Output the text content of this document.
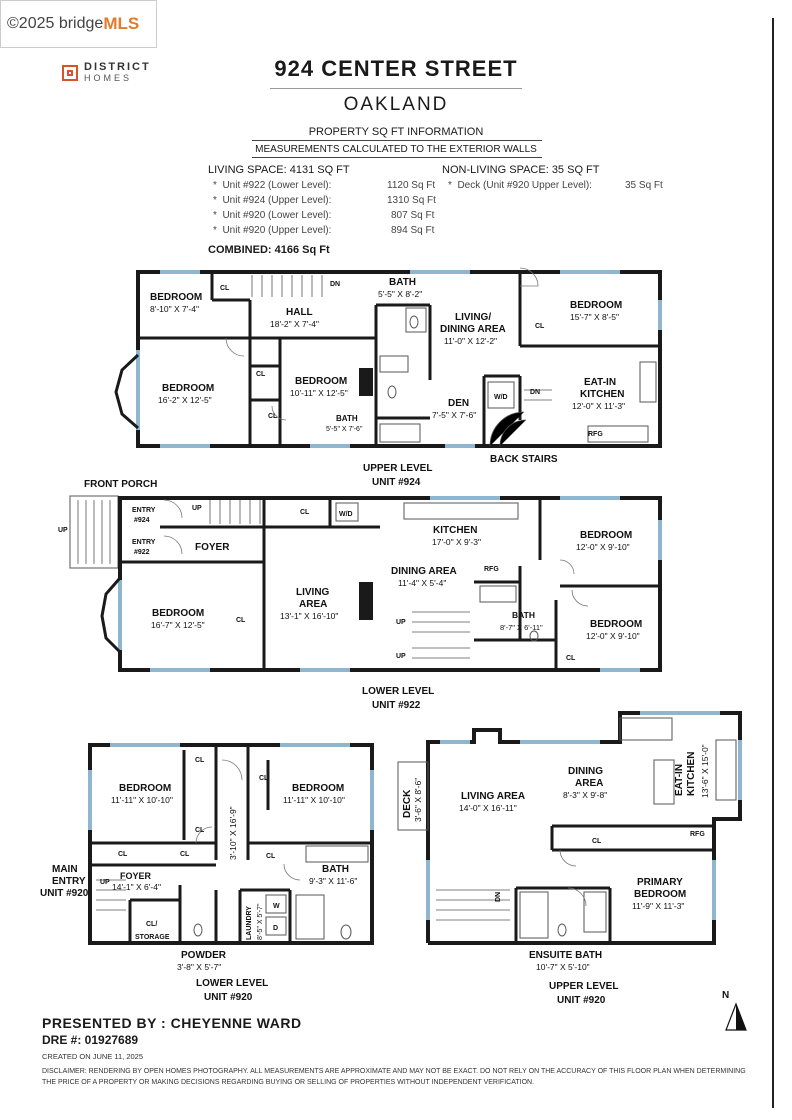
©2025 bridge MLS
DISTRICT
HOMES	924 CENTER STREET
OAKLAND
PROPERTY SQ FT INFORMATION
MEASUREMENTS CALCULATED TO THE EXTERIOR WALLS
LIVING SPACE: 4131 SQ FT
*  Unit #922 (Lower Level):	1120 Sq Ft
*  Unit #924 (Upper Level):	1310 Sq Ft
*  Unit #920 (Lower Level):	807 Sq Ft
*  Unit #920 (Upper Level):	894 Sq Ft
COMBINED: 4166 Sq Ft
NON-LIVING SPACE: 35 SQ FT
*  Deck (Unit #920 Upper Level):	35 Sq Ft
BEDROOM
8'-10" X 7'-4"
CL
DN
HALL
18'-2" X 7'-4"
BATH
5'-5" X 8'-2"
LIVING/
DINING AREA
11'-0" X 12'-2"
CL
BEDROOM
15'-7" X 8'-5"
BEDROOM
16'-2" X 12'-5"
CL
CL
BEDROOM
10'-11" X 12'-5"
BATH
5'-5" X 7'-6"
DEN
7'-5" X 7'-6"
W/D
DN
EAT-IN
KITCHEN
12'-0" X 11'-3"
RFG
BACK STAIRS
UPPER LEVEL
UNIT #924
FRONT PORCH
UP
ENTRY
#924
ENTRY
#922
UP
CL	W/D
FOYER
KITCHEN
17'-0" X 9'-3"
BEDROOM
12'-0" X 9'-10"
DINING AREA
11'-4" X 5'-4"
RFG
BEDROOM
16'-7" X 12'-5"	CL
LIVING
AREA
13'-1" X 16'-10"
UP
UP
BATH
8'-7" X 6'-11"	BEDROOM
12'-0" X 9'-10"
CL
LOWER LEVEL
UNIT #922
BEDROOM
11'-11" X 10'-10"
CL
CL
CL
BEDROOM
11'-11" X 10'-10"
3'-10" X 16'-9"
CL	CL	CL
FOYER
14'-1" X 6'-4"
UP
CL/
STORAGE	LAUNDRY 8'-5" X 5'-7" W
D
BATH
9'-3" X 11'-6"
MAIN
ENTRY
UNIT #920
POWDER
3'-8" X 5'-7"
LOWER LEVEL
UNIT #920
DECK 3'-6" X 8'-6"	LIVING AREA
14'-0" X 16'-11"
DINING
AREA
8'-3" X 9'-8"	EAT-IN KITCHEN 13'-6" X 15'-0"
RFG
CL
PRIMARY
BEDROOM
11'-9" X 11'-3"
DN
ENSUITE BATH
10'-7" X 5'-10"
UPPER LEVEL
UNIT #920	N
PRESENTED BY : CHEYENNE WARD
DRE #: 01927689
CREATED ON JUNE 11, 2025
DISCLAIMER: RENDERING BY OPEN HOMES PHOTOGRAPHY. ALL MEASUREMENTS ARE APPROXIMATE AND MAY NOT BE EXACT. DO NOT RELY ON THE ACCURACY OF THIS FLOOR PLAN WHEN DETERMINING THE PRICE OF A PROPERTY OR MAKING DECISIONS REGARDING BUYING OR SELLING OF PROPERTIES WITHOUT INDEPENDENT VERIFICATION.
